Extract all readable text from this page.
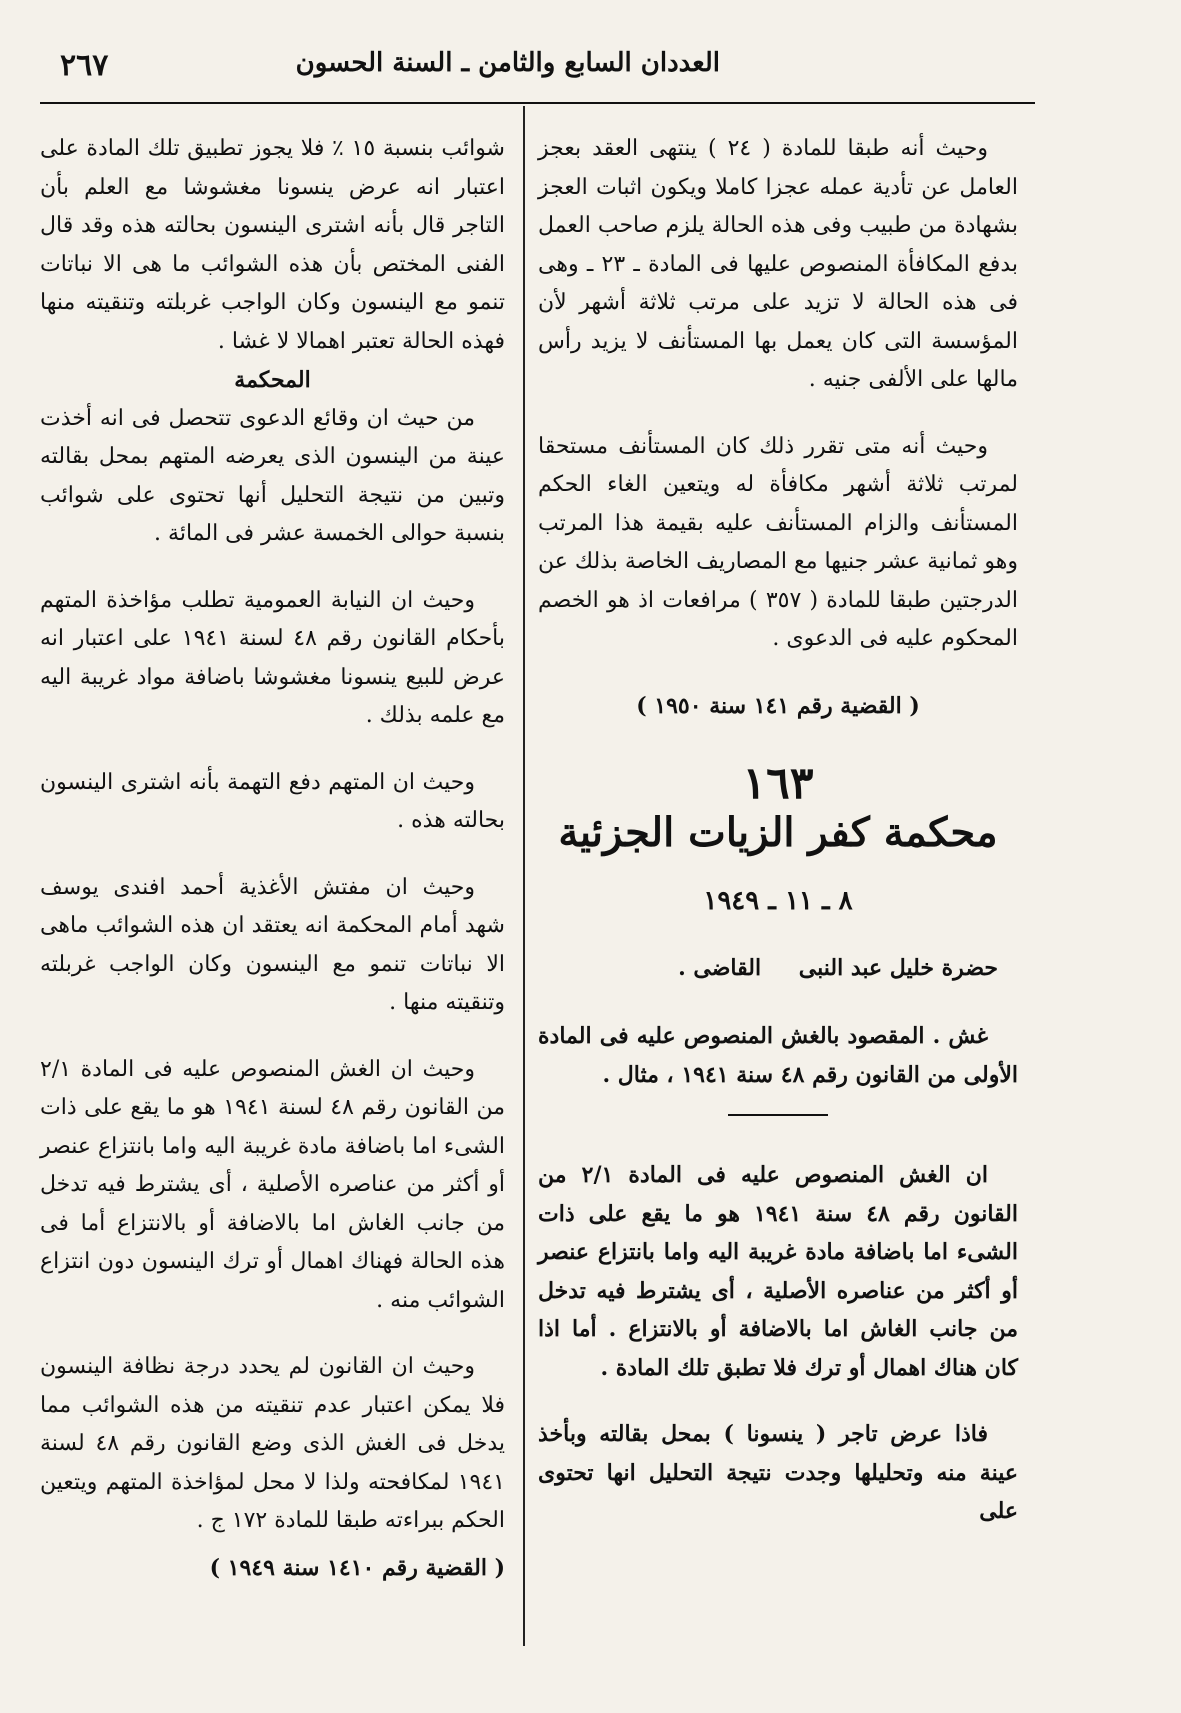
العددان السابع والثامن ـ السنة الحسون
٢٦٧

وحيث أنه طبقا للمادة ( ٢٤ ) ينتهى العقد بعجز العامل عن تأدية عمله عجزا كاملا ويكون اثبات العجز بشهادة من طبيب وفى هذه الحالة يلزم صاحب العمل بدفع المكافأة المنصوص عليها فى المادة ـ ٢٣ ـ وهى فى هذه الحالة لا تزيد على مرتب ثلاثة أشهر لأن المؤسسة التى كان يعمل بها المستأنف لا يزيد رأس مالها على الألفى جنيه .

وحيث أنه متى تقرر ذلك كان المستأنف مستحقا لمرتب ثلاثة أشهر مكافأة له ويتعين الغاء الحكم المستأنف والزام المستأنف عليه بقيمة هذا المرتب وهو ثمانية عشر جنيها مع المصاريف الخاصة بذلك عن الدرجتين طبقا للمادة ( ٣٥٧ ) مرافعات اذ هو الخصم المحكوم عليه فى الدعوى .

( القضية رقم ١٤١ سنة ١٩٥٠ )

١٦٣
محكمة كفر الزيات الجزئية
٨ ـ ١١ ـ ١٩٤٩

حضرة خليل عبد النبى القاضى .

غش . المقصود بالغش المنصوص عليه فى المادة الأولى من القانون رقم ٤٨ سنة ١٩٤١ ، مثال .

ان الغش المنصوص عليه فى المادة ٢/١ من القانون رقم ٤٨ سنة ١٩٤١ هو ما يقع على ذات الشىء اما باضافة مادة غريبة اليه واما بانتزاع عنصر أو أكثر من عناصره الأصلية ، أى يشترط فيه تدخل من جانب الغاش اما بالاضافة أو بالانتزاع . أما اذا كان هناك اهمال أو ترك فلا تطبق تلك المادة .

فاذا عرض تاجر ( ينسونا ) بمحل بقالته وبأخذ عينة منه وتحليلها وجدت نتيجة التحليل انها تحتوى على

شوائب بنسبة ١٥ ٪ فلا يجوز تطبيق تلك المادة على اعتبار انه عرض ينسونا مغشوشا مع العلم بأن التاجر قال بأنه اشترى الينسون بحالته هذه وقد قال الفنى المختص بأن هذه الشوائب ما هى الا نباتات تنمو مع الينسون وكان الواجب غربلته وتنقيته منها فهذه الحالة تعتبر اهمالا لا غشا .

المحكمة

من حيث ان وقائع الدعوى تتحصل فى انه أخذت عينة من الينسون الذى يعرضه المتهم بمحل بقالته وتبين من نتيجة التحليل أنها تحتوى على شوائب بنسبة حوالى الخمسة عشر فى المائة .

وحيث ان النيابة العمومية تطلب مؤاخذة المتهم بأحكام القانون رقم ٤٨ لسنة ١٩٤١ على اعتبار انه عرض للبيع ينسونا مغشوشا باضافة مواد غريبة اليه مع علمه بذلك .

وحيث ان المتهم دفع التهمة بأنه اشترى الينسون بحالته هذه .

وحيث ان مفتش الأغذية أحمد افندى يوسف شهد أمام المحكمة انه يعتقد ان هذه الشوائب ماهى الا نباتات تنمو مع الينسون وكان الواجب غربلته وتنقيته منها .

وحيث ان الغش المنصوص عليه فى المادة ٢/١ من القانون رقم ٤٨ لسنة ١٩٤١ هو ما يقع على ذات الشىء اما باضافة مادة غريبة اليه واما بانتزاع عنصر أو أكثر من عناصره الأصلية ، أى يشترط فيه تدخل من جانب الغاش اما بالاضافة أو بالانتزاع أما فى هذه الحالة فهناك اهمال أو ترك الينسون دون انتزاع الشوائب منه .

وحيث ان القانون لم يحدد درجة نظافة الينسون فلا يمكن اعتبار عدم تنقيته من هذه الشوائب مما يدخل فى الغش الذى وضع القانون رقم ٤٨ لسنة ١٩٤١ لمكافحته ولذا لا محل لمؤاخذة المتهم ويتعين الحكم ببراءته طبقا للمادة ١٧٢ ج .

( القضية رقم ١٤١٠ سنة ١٩٤٩ )
